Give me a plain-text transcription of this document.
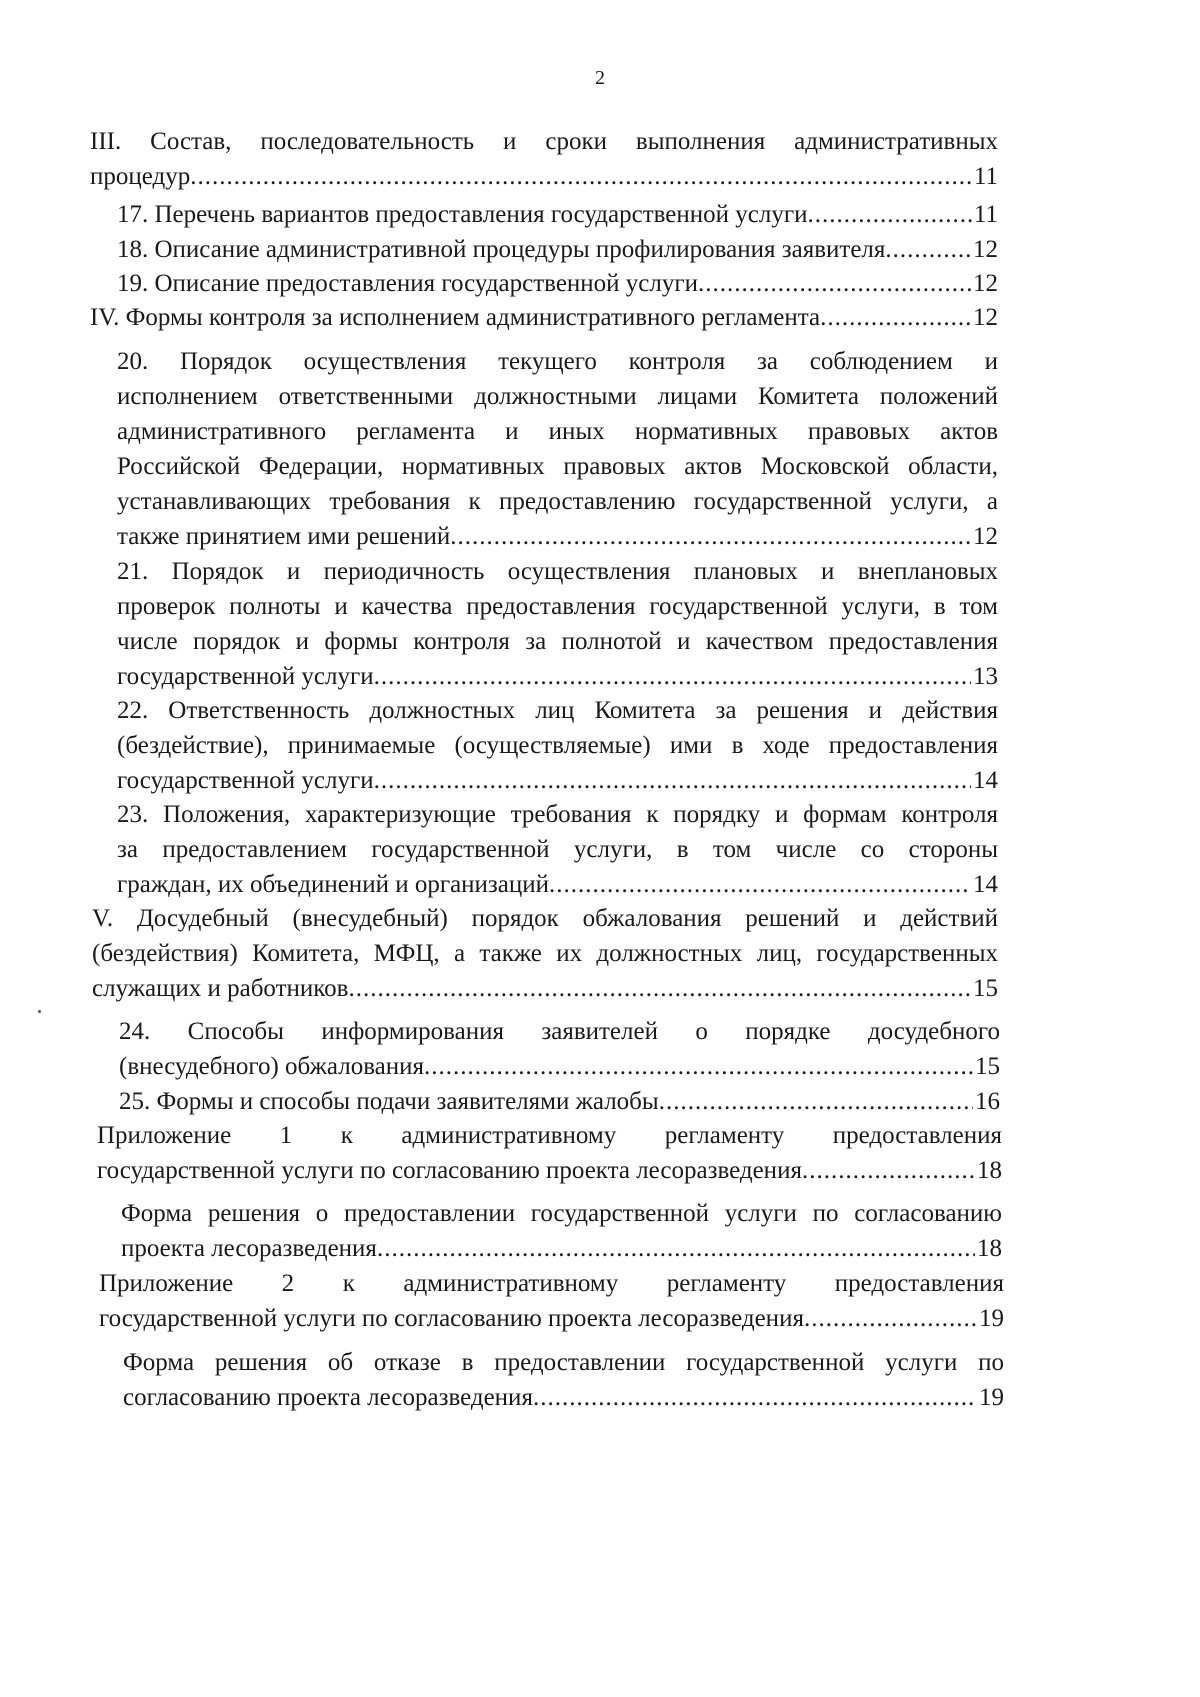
2
III. Состав, последовательность и сроки выполнения административных
процедур .....	11
17. Перечень вариантов предоставления государственной услуги .....	11
18. Описание административной процедуры профилирования заявителя .....	12
19. Описание предоставления государственной услуги .....	12
IV. Формы контроля за исполнением административного регламента .....	12
20. Порядок осуществления текущего контроля за соблюдением и
исполнением ответственными должностными лицами Комитета положений
административного регламента и иных нормативных правовых актов
Российской Федерации, нормативных правовых актов Московской области,
устанавливающих требования к предоставлению государственной услуги, а
также принятием ими решений .....	12
21. Порядок и периодичность осуществления плановых и внеплановых
проверок полноты и качества предоставления государственной услуги, в том
числе порядок и формы контроля за полнотой и качеством предоставления
государственной услуги .....	13
22. Ответственность должностных лиц Комитета за решения и действия
(бездействие), принимаемые (осуществляемые) ими в ходе предоставления
государственной услуги .....	14
23. Положения, характеризующие требования к порядку и формам контроля
за предоставлением государственной услуги, в том числе со стороны
граждан, их объединений и организаций .....	14
V. Досудебный (внесудебный) порядок обжалования решений и действий
(бездействия) Комитета, МФЦ, а также их должностных лиц, государственных
служащих и работников .....	15
24. Способы информирования заявителей о порядке досудебного
(внесудебного) обжалования .....	15
25. Формы и способы подачи заявителями жалобы .....	16
Приложение 1 к административному регламенту предоставления
государственной услуги по согласованию проекта лесоразведения .....	18
Форма решения о предоставлении государственной услуги по согласованию
проекта лесоразведения .....	18
Приложение 2 к административному регламенту предоставления
государственной услуги по согласованию проекта лесоразведения .....	19
Форма решения об отказе в предоставлении государственной услуги по
согласованию проекта лесоразведения .....	19
